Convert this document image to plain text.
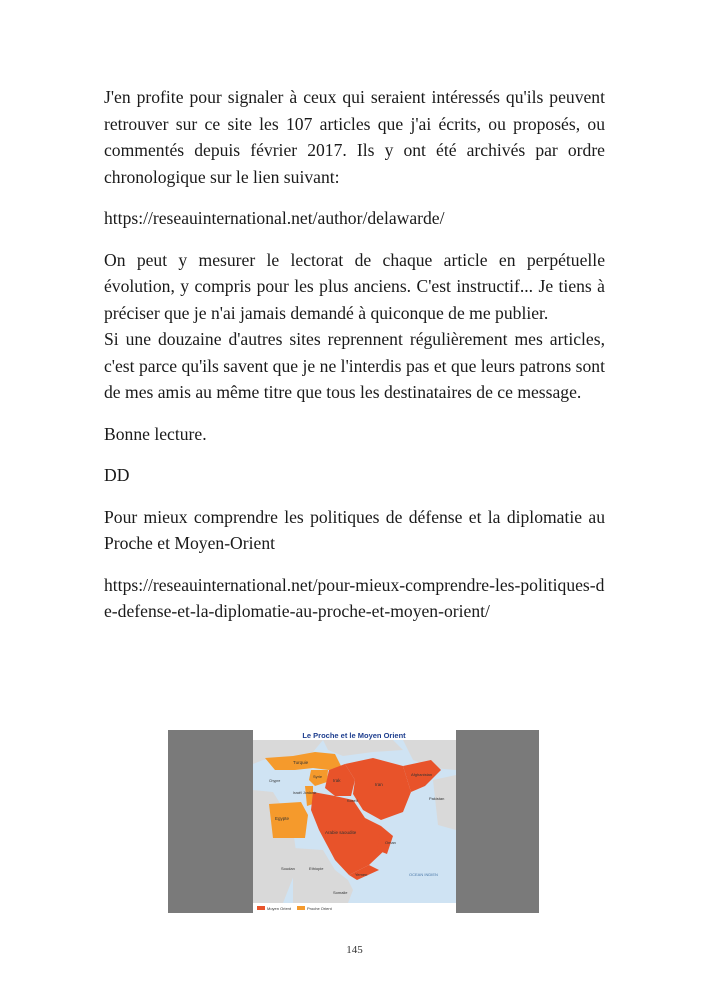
J'en profite pour signaler à ceux qui seraient intéressés qu'ils peuvent retrouver sur ce site les 107 articles que j'ai écrits, ou proposés, ou commentés depuis février 2017. Ils y ont été archivés par ordre chronologique sur le lien suivant:

https://reseauinternational.net/author/delawarde/

On peut y mesurer le lectorat de chaque article en perpétuelle évolution, y compris pour les plus anciens. C'est instructif... Je tiens à préciser que je n'ai jamais demandé à quiconque de me publier.

Si une douzaine d'autres sites reprennent régulièrement mes articles, c'est parce qu'ils savent que je ne l'interdis pas et que leurs patrons sont de mes amis au même titre que tous les destinataires de ce message.

Bonne lecture.

DD

Pour mieux comprendre les politiques de défense et la diplomatie au Proche et Moyen-Orient

https://reseauinternational.net/pour-mieux-comprendre-les-politiques-de-defense-et-la-diplomatie-au-proche-et-moyen-orient/

Le Proche et le Moyen Orient
Turquie
Iran
Irak
Syrie
Egypte
Arabie saoudite
Afghanistan
Pakistan
Yemen
Oman
Soudan	Ethiopie
Somalie
OCEAN INDIEN
Chypre
Israël Jordanie
Koweït
Moyen Orient	Proche Orient
145
